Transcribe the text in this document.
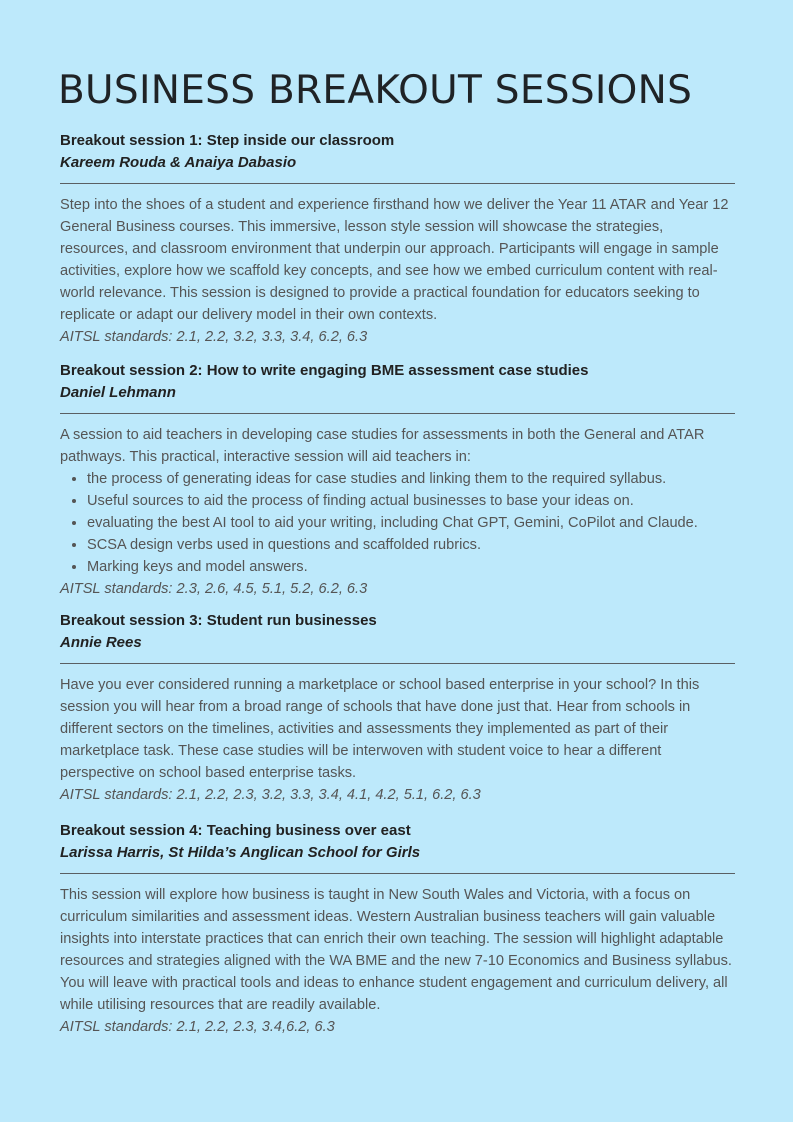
BUSINESS BREAKOUT SESSIONS
Breakout session 1: Step inside our classroom
Kareem Rouda & Anaiya Dabasio
Step into the shoes of a student and experience firsthand how we deliver the Year 11 ATAR and Year 12 General Business courses. This immersive, lesson style session will showcase the strategies, resources, and classroom environment that underpin our approach. Participants will engage in sample activities, explore how we scaffold key concepts, and see how we embed curriculum content with real-world relevance. This session is designed to provide a practical foundation for educators seeking to replicate or adapt our delivery model in their own contexts.
AITSL standards: 2.1, 2.2, 3.2, 3.3, 3.4, 6.2, 6.3
Breakout session 2: How to write engaging BME assessment case studies
Daniel Lehmann
A session to aid teachers in developing case studies for assessments in both the General and ATAR pathways. This practical, interactive session will aid teachers in:
• the process of generating ideas for case studies and linking them to the required syllabus.
• Useful sources to aid the process of finding actual businesses to base your ideas on.
• evaluating the best AI tool to aid your writing, including Chat GPT, Gemini, CoPilot and Claude.
• SCSA design verbs used in questions and scaffolded rubrics.
• Marking keys and model answers.
AITSL standards: 2.3, 2.6, 4.5, 5.1, 5.2, 6.2, 6.3
Breakout session 3: Student run businesses
Annie Rees
Have you ever considered running a marketplace or school based enterprise in your school? In this session you will hear from a broad range of schools that have done just that. Hear from schools in different sectors on the timelines, activities and assessments they implemented as part of their marketplace task. These case studies will be interwoven with student voice to hear a different perspective on school based enterprise tasks.
AITSL standards: 2.1, 2.2, 2.3, 3.2, 3.3, 3.4, 4.1, 4.2, 5.1, 6.2, 6.3
Breakout session 4: Teaching business over east
Larissa Harris, St Hilda’s Anglican School for Girls
This session will explore how business is taught in New South Wales and Victoria, with a focus on curriculum similarities and assessment ideas. Western Australian business teachers will gain valuable insights into interstate practices that can enrich their own teaching. The session will highlight adaptable resources and strategies aligned with the WA BME and the new 7-10 Economics and Business syllabus. You will leave with practical tools and ideas to enhance student engagement and curriculum delivery, all while utilising resources that are readily available.
AITSL standards: 2.1, 2.2, 2.3, 3.4,6.2, 6.3
